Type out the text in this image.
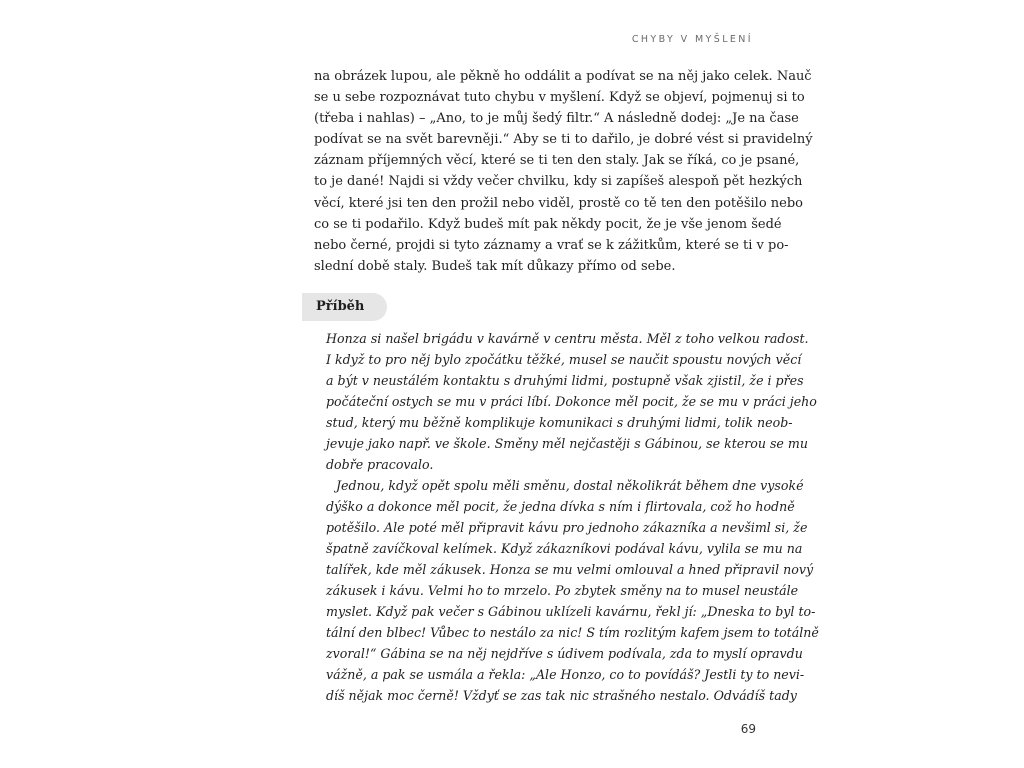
CHYBY V MYŠLENÍ
na obrázek lupou, ale pěkně ho oddálit a podívat se na něj jako celek. Nauč
se u sebe rozpoznávat tuto chybu v myšlení. Když se objeví, pojmenuj si to
(třeba i nahlas) – „Ano, to je můj šedý filtr.“ A následně dodej: „Je na čase
podívat se na svět barevněji.“ Aby se ti to dařilo, je dobré vést si pravidelný
záznam příjemných věcí, které se ti ten den staly. Jak se říká, co je psané,
to je dané! Najdi si vždy večer chvilku, kdy si zapíšeš alespoň pět hezkých
věcí, které jsi ten den prožil nebo viděl, prostě co tě ten den potěšilo nebo
co se ti podařilo. Když budeš mít pak někdy pocit, že je vše jenom šedé
nebo černé, projdi si tyto záznamy a vrať se k zážitkům, které se ti v po-
slední době staly. Budeš tak mít důkazy přímo od sebe.
Příběh
Honza si našel brigádu v kavárně v centru města. Měl z toho velkou radost.
I když to pro něj bylo zpočátku těžké, musel se naučit spoustu nových věcí
a být v neustálém kontaktu s druhými lidmi, postupně však zjistil, že i přes
počáteční ostych se mu v práci líbí. Dokonce měl pocit, že se mu v práci jeho
stud, který mu běžně komplikuje komunikaci s druhými lidmi, tolik neob-
jevuje jako např. ve škole. Směny měl nejčastěji s Gábinou, se kterou se mu
dobře pracovalo.
Jednou, když opět spolu měli směnu, dostal několikrát během dne vysoké
dýško a dokonce měl pocit, že jedna dívka s ním i flirtovala, což ho hodně
potěšilo. Ale poté měl připravit kávu pro jednoho zákazníka a nevšiml si, že
špatně zavíčkoval kelímek. Když zákazníkovi podával kávu, vylila se mu na
talířek, kde měl zákusek. Honza se mu velmi omlouval a hned připravil nový
zákusek i kávu. Velmi ho to mrzelo. Po zbytek směny na to musel neustále
myslet. Když pak večer s Gábinou uklízeli kavárnu, řekl jí: „Dneska to byl to-
tální den blbec! Vůbec to nestálo za nic! S tím rozlitým kafem jsem to totálně
zvoral!“ Gábina se na něj nejdříve s údivem podívala, zda to myslí opravdu
vážně, a pak se usmála a řekla: „Ale Honzo, co to povídáš? Jestli ty to nevi-
díš nějak moc černě! Vždyť se zas tak nic strašného nestalo. Odvádíš tady
69
